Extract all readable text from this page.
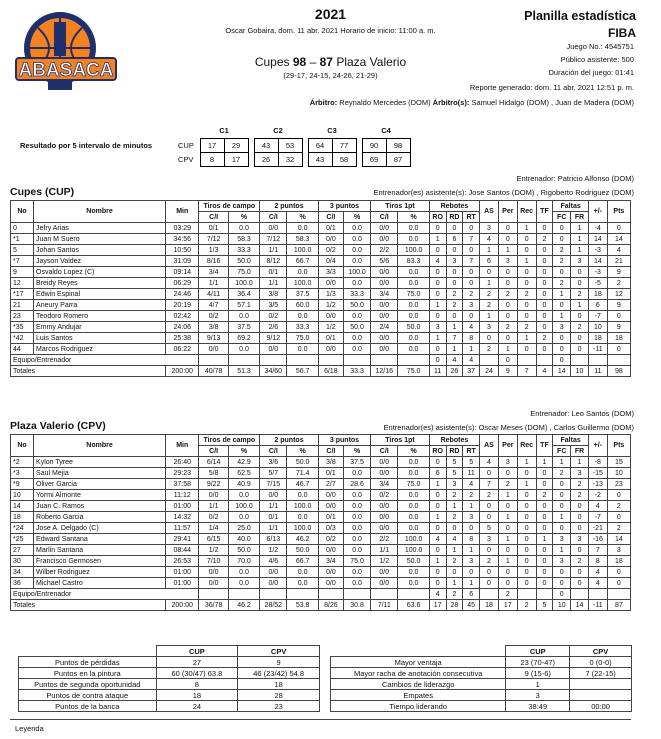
ABASACA
2021
Oscar Gobaira, dom. 11 abr. 2021 Horario de inicio: 11:00 a. m.
Cupes 98 – 87 Plaza Valerio
(29-17, 24-15, 24-26, 21-29)
Planilla estadística
FIBA
Juego No.: 4545751
Público asistente: 500
Duración del juego: 01:41
Reporte generado: dom. 11 abr. 2021 12:51 p. m.
Árbitro: Reynaldo Mercedes (DOM) Árbitro(s): Samuel Hidalgo (DOM) , Juan de Madera (DOM)
Resultado por 5 intervalo de minutos
	C1			C2			C3			C4	
CUP	17	29		43	53		64	77		90	98
CPV	8	17		26	32		43	58		69	87
Entrenador: Patricio Alfonso (DOM)
Cupes (CUP)	Entrenador(es) asistente(s): Jose Santos (DOM) , Rigoberto Rodriguez (DOM)
No	Nombre	Min	Tiros de campo		2 puntos		3 puntos		Tiros 1pt		Rebotes			AS	Per	Rec	TF	Faltas		+/-	Pts
			C/I	%	C/I	%	C/I	%	C/I	%	RO	RD	RT					FC	FR		
0	Jefry Arias	03:29	0/1	0.0	0/0	0.0	0/1	0.0	0/0	0.0	0	0	0	3	0	1	0	0	1	-4	0
*1	Juan M Suero	34:56	7/12	58.3	7/12	58.3	0/0	0.0	0/0	0.0	1	6	7	4	0	0	2	0	1	14	14
5	Johan Santos	10:50	1/3	33.3	1/1	100.0	0/2	0.0	2/2	100.0	0	0	0	1	1	0	0	2	1	-3	4
*7	Jayson Valdez	31:09	8/16	50.0	8/12	66.7	0/4	0.0	5/6	83.3	4	3	7	6	3	1	0	2	3	14	21
9	Osvaldo Lopez (C)	09:14	3/4	75.0	0/1	0.0	3/3	100.0	0/0	0.0	0	0	0	0	0	0	0	0	0	-3	9
12	Breidy Reyes	06:29	1/1	100.0	1/1	100.0	0/0	0.0	0/0	0.0	0	0	0	1	0	0	0	2	0	-5	2
*17	Edwin Espinal	24:46	4/11	36.4	3/8	37.5	1/3	33.3	3/4	75.0	0	2	2	2	2	2	0	1	2	18	12
21	Aneury Parra	20:19	4/7	57.1	3/5	60.0	1/2	50.0	0/0	0.0	1	2	3	2	0	0	0	0	1	6	9
23	Teodoro Romero	02:42	0/2	0.0	0/2	0.0	0/0	0.0	0/0	0.0	0	0	0	1	0	0	0	1	0	-7	0
*35	Emmy Andujar	24:06	3/8	37.5	2/6	33.3	1/2	50.0	2/4	50.0	3	1	4	3	2	2	0	3	2	10	9
*42	Luis Santos	25:38	9/13	69.2	9/12	75.0	0/1	0.0	0/0	0.0	1	7	8	0	0	1	2	0	0	18	18
44	Marcos Rodriguez	06:22	0/0	0.0	0/0	0.0	0/0	0.0	0/0	0.0	0	1	1	2	1	0	0	0	0	-11	0
Equipo/Entrenador											0	4	4		0			0			
Totales		200:00	40/78	51.3	34/60	56.7	6/18	33.3	12/16	75.0	11	26	37	24	9	7	4	14	10	11	98
Entrenador: Leo Santos (DOM)
Plaza Valerio (CPV)	Entrenador(es) asistente(s): Oscar Meses (DOM) , Carlos Guillermo (DOM)
No	Nombre	Min	Tiros de campo		2 puntos		3 puntos		Tiros 1pt		Rebotes			AS	Per	Rec	TF	Faltas		+/-	Pts
			C/I	%	C/I	%	C/I	%	C/I	%	RO	RD	RT					FC	FR		
*2	Kylon Tyree	26:40	6/14	42.9	3/6	50.0	3/8	37.5	0/0	0.0	0	5	5	4	3	1	1	1	1	-8	15
*3	Saul Mejia	29:23	5/8	62.5	5/7	71.4	0/1	0.0	0/0	0.0	6	5	11	0	0	0	0	2	3	-15	10
*9	Oliver Garcia	37:58	9/22	40.9	7/15	46.7	2/7	28.6	3/4	75.0	1	3	4	7	2	1	0	0	2	-13	23
10	Yormi Almonte	11:12	0/0	0.0	0/0	0.0	0/0	0.0	0/2	0.0	0	2	2	2	1	0	2	0	2	-2	0
14	Juan C. Ramos	01:00	1/1	100.0	1/1	100.0	0/0	0.0	0/0	0.0	0	1	1	0	0	0	0	0	0	4	2
18	Roberto Garcia	14:32	0/2	0.0	0/1	0.0	0/1	0.0	0/0	0.0	1	2	3	0	1	0	0	1	0	-7	0
*24	Jose A. Delgado (C)	11:57	1/4	25.0	1/1	100.0	0/3	0.0	0/0	0.0	0	0	0	5	0	0	0	0	0	-21	2
*25	Edward Santana	29:41	6/15	40.0	6/13	46.2	0/2	0.0	2/2	100.0	4	4	8	3	1	0	1	3	3	-16	14
27	Marlin Santana	08:44	1/2	50.0	1/2	50.0	0/0	0.0	1/1	100.0	0	1	1	0	0	0	0	1	0	7	3
30	Francisco Germosen	26:53	7/10	70.0	4/6	66.7	3/4	75.0	1/2	50.0	1	2	3	2	1	0	0	3	2	8	18
34	Wilber Rodriguez	01:00	0/0	0.0	0/0	0.0	0/0	0.0	0/0	0.0	0	0	0	0	0	0	0	0	0	4	0
36	Michael Castro	01:00	0/0	0.0	0/0	0.0	0/0	0.0	0/0	0.0	0	1	1	0	0	0	0	0	0	4	0
Equipo/Entrenador											4	2	6		2			0			
Totales		200:00	36/78	46.2	28/52	53.8	8/26	30.8	7/11	63.6	17	28	45	18	17	2	5	10	14	-11	87
	CUP	CPV
Puntos de pérdidas	27	9
Puntos en la pintura	60 (30/47) 63.8	46 (23/42) 54.8
Puntos de segunda oportunidad	8	18
Puntos de contra ataque	18	28
Puntos de la banca	24	23
	CUP	CPV
Mayor ventaja	23 (70-47)	0 (0-0)
Mayor racha de anotación consecutiva	9 (15-6)	7 (22-15)
Cambios de liderazgo	1	
Empates	3	
Tiempo liderando	38:49	00:00
Leyenda
